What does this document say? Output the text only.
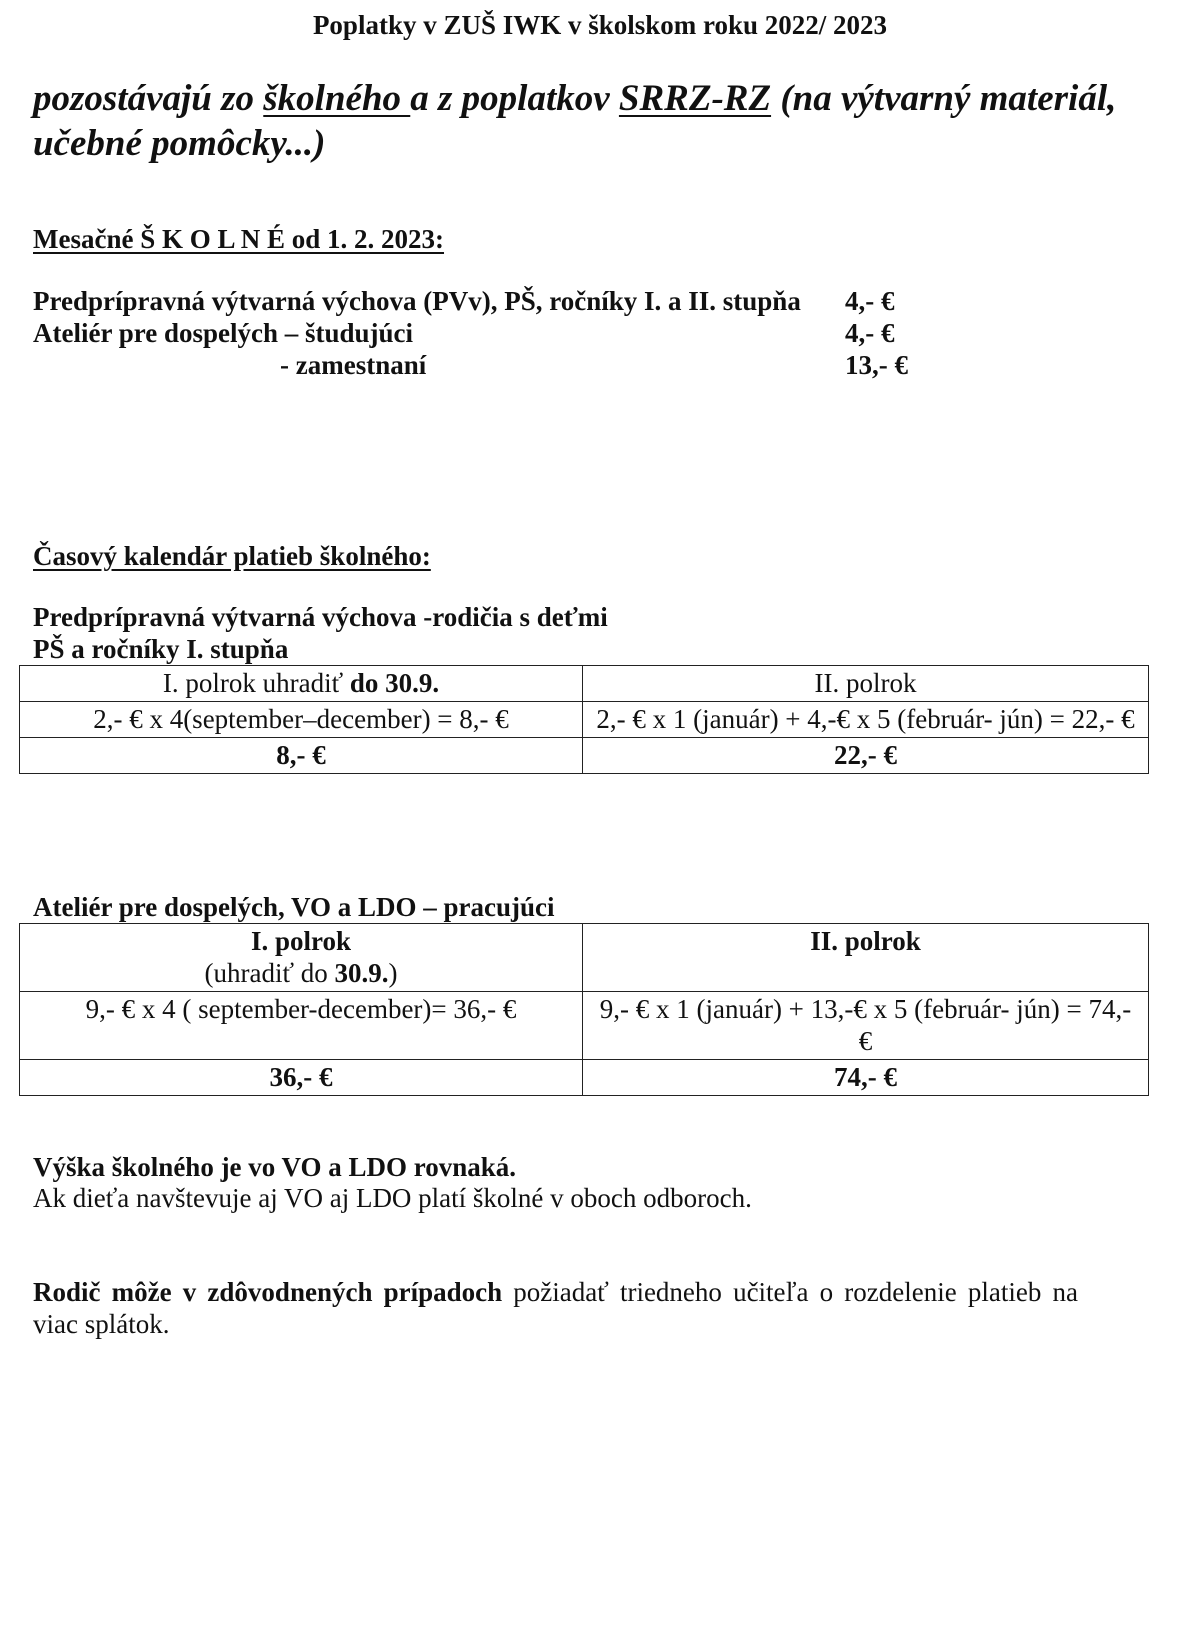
Poplatky v ZUŠ IWK v školskom roku 2022/ 2023
pozostávajú zo školného a z poplatkov SRRZ-RZ (na výtvarný materiál, učebné pomôcky...)
Mesačné Š K O L N É od 1. 2. 2023:
Predprípravná výtvarná výchova (PVv), PŠ, ročníky I. a II. stupňa 4,- €
Ateliér pre dospelých – študujúci	4,- €
- zamestnaní	13,- €
Časový kalendár platieb školného:
Predprípravná výtvarná výchova -rodičia s deťmi
PŠ a ročníky I. stupňa
I. polrok uhradiť do 30.9.	II. polrok
2,- € x 4(september–december) = 8,- €	2,- € x 1 (január) + 4,-€ x 5 (február- jún) = 22,- €
8,- €	22,- €
Ateliér pre dospelých, VO a LDO – pracujúci
I. polrok
(uhradiť do 30.9.)	II. polrok
9,- € x 4 ( september-december)= 36,- €	9,- € x 1 (január) + 13,-€ x 5 (február- jún) = 74,- €
36,- €	74,- €
Výška školného je vo VO a LDO rovnaká.
Ak dieťa navštevuje aj VO aj LDO platí školné v oboch odboroch.
Rodič môže v zdôvodnených prípadoch požiadať triedneho učiteľa o rozdelenie platieb na viac splátok.
